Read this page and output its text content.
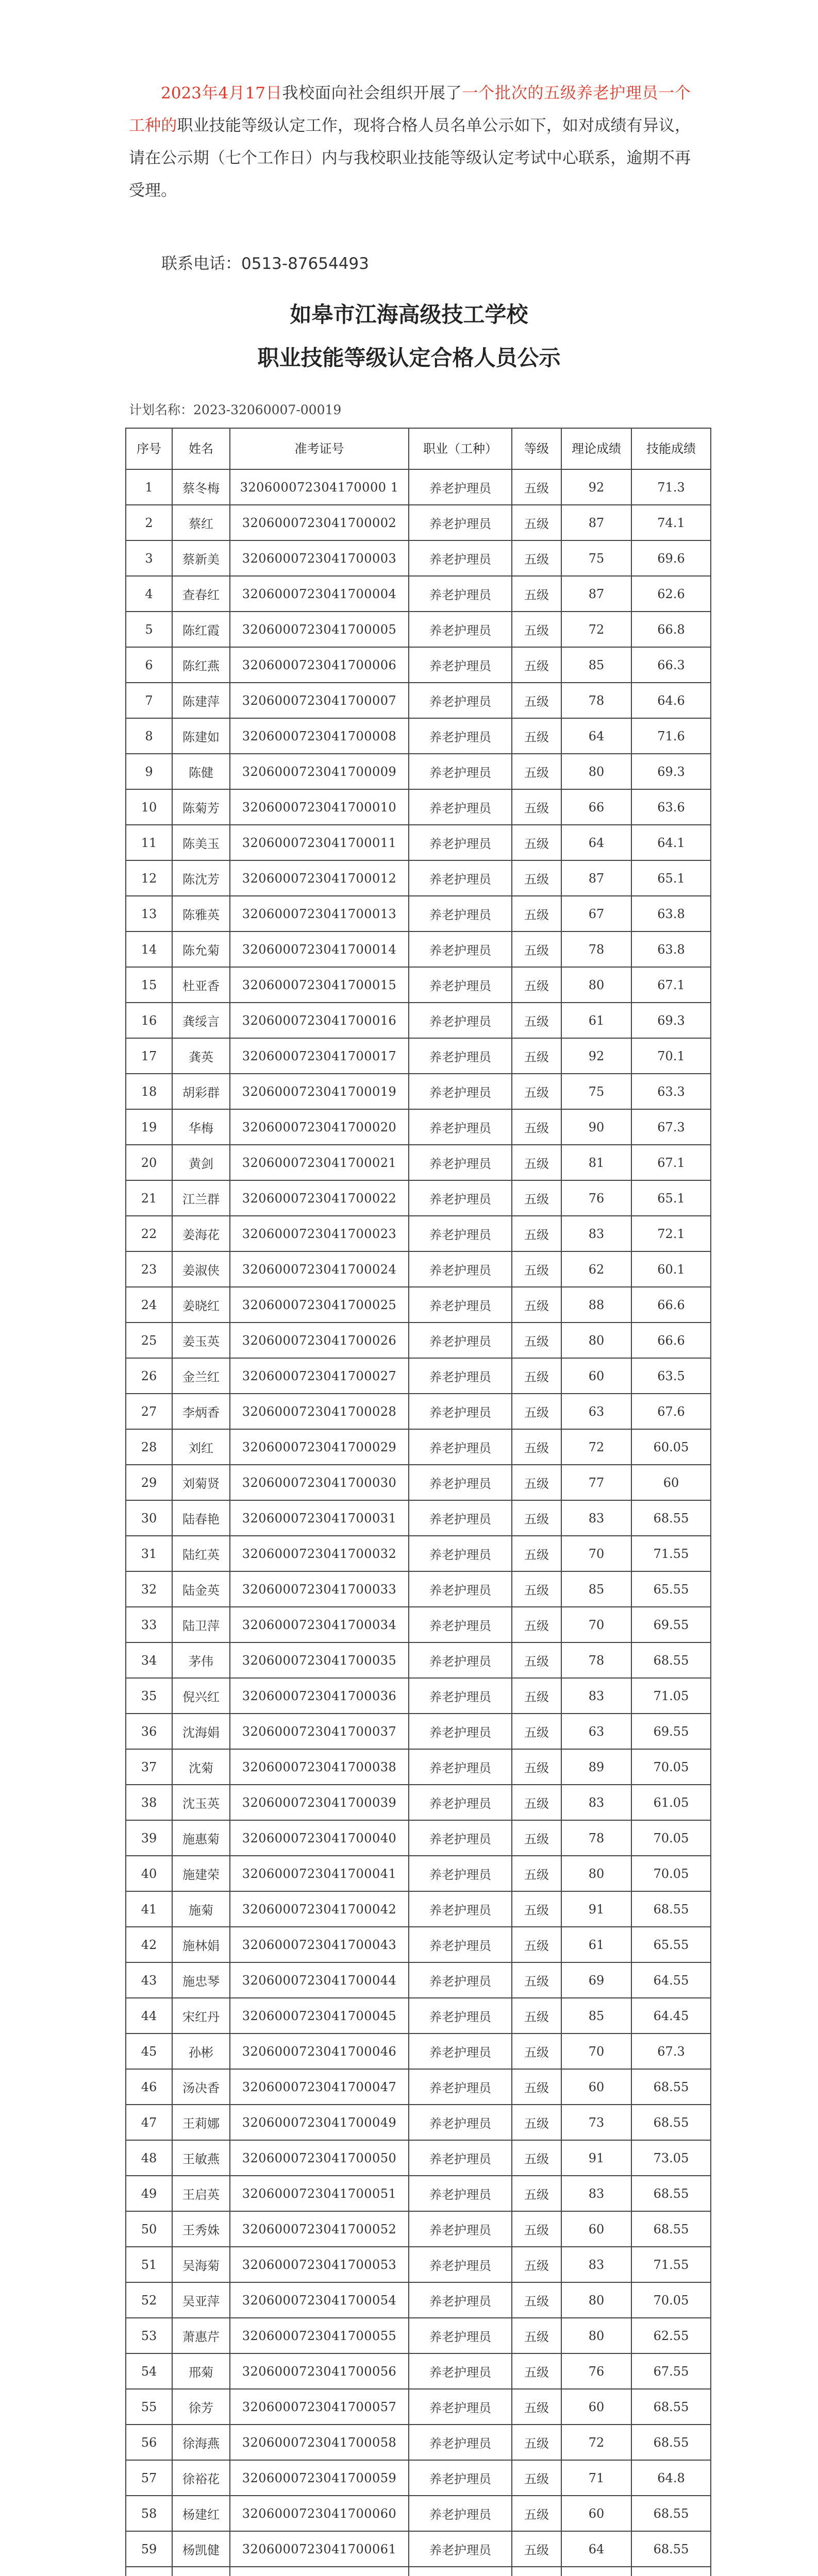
2023年4月17日我校面向社会组织开展了一个批次的五级养老护理员一个工种的职业技能等级认定工作，现将合格人员名单公示如下，如对成绩有异议，请在公示期（七个工作日）内与我校职业技能等级认定考试中心联系，逾期不再受理。
联系电话：0513-87654493
如皋市江海高级技工学校
职业技能等级认定合格人员公示
计划名称：2023-32060007-00019
序号	姓名	准考证号	职业（工种）	等级	理论成绩	技能成绩
1	蔡冬梅	320600072304170000 1	养老护理员	五级	92	71.3
2	蔡红	3206000723041700002	养老护理员	五级	87	74.1
3	蔡新美	3206000723041700003	养老护理员	五级	75	69.6
4	查春红	3206000723041700004	养老护理员	五级	87	62.6
5	陈红霞	3206000723041700005	养老护理员	五级	72	66.8
6	陈红燕	3206000723041700006	养老护理员	五级	85	66.3
7	陈建萍	3206000723041700007	养老护理员	五级	78	64.6
8	陈建如	3206000723041700008	养老护理员	五级	64	71.6
9	陈健	3206000723041700009	养老护理员	五级	80	69.3
10	陈菊芳	3206000723041700010	养老护理员	五级	66	63.6
11	陈美玉	3206000723041700011	养老护理员	五级	64	64.1
12	陈沈芳	3206000723041700012	养老护理员	五级	87	65.1
13	陈雅英	3206000723041700013	养老护理员	五级	67	63.8
14	陈允菊	3206000723041700014	养老护理员	五级	78	63.8
15	杜亚香	3206000723041700015	养老护理员	五级	80	67.1
16	龚绥言	3206000723041700016	养老护理员	五级	61	69.3
17	龚英	3206000723041700017	养老护理员	五级	92	70.1
18	胡彩群	3206000723041700019	养老护理员	五级	75	63.3
19	华梅	3206000723041700020	养老护理员	五级	90	67.3
20	黄剑	3206000723041700021	养老护理员	五级	81	67.1
21	江兰群	3206000723041700022	养老护理员	五级	76	65.1
22	姜海花	3206000723041700023	养老护理员	五级	83	72.1
23	姜淑侠	3206000723041700024	养老护理员	五级	62	60.1
24	姜晓红	3206000723041700025	养老护理员	五级	88	66.6
25	姜玉英	3206000723041700026	养老护理员	五级	80	66.6
26	金兰红	3206000723041700027	养老护理员	五级	60	63.5
27	李炳香	3206000723041700028	养老护理员	五级	63	67.6
28	刘红	3206000723041700029	养老护理员	五级	72	60.05
29	刘菊贤	3206000723041700030	养老护理员	五级	77	60
30	陆春艳	3206000723041700031	养老护理员	五级	83	68.55
31	陆红英	3206000723041700032	养老护理员	五级	70	71.55
32	陆金英	3206000723041700033	养老护理员	五级	85	65.55
33	陆卫萍	3206000723041700034	养老护理员	五级	70	69.55
34	茅伟	3206000723041700035	养老护理员	五级	78	68.55
35	倪兴红	3206000723041700036	养老护理员	五级	83	71.05
36	沈海娟	3206000723041700037	养老护理员	五级	63	69.55
37	沈菊	3206000723041700038	养老护理员	五级	89	70.05
38	沈玉英	3206000723041700039	养老护理员	五级	83	61.05
39	施惠菊	3206000723041700040	养老护理员	五级	78	70.05
40	施建荣	3206000723041700041	养老护理员	五级	80	70.05
41	施菊	3206000723041700042	养老护理员	五级	91	68.55
42	施林娟	3206000723041700043	养老护理员	五级	61	65.55
43	施忠琴	3206000723041700044	养老护理员	五级	69	64.55
44	宋红丹	3206000723041700045	养老护理员	五级	85	64.45
45	孙彬	3206000723041700046	养老护理员	五级	70	67.3
46	汤决香	3206000723041700047	养老护理员	五级	60	68.55
47	王莉娜	3206000723041700049	养老护理员	五级	73	68.55
48	王敏燕	3206000723041700050	养老护理员	五级	91	73.05
49	王启英	3206000723041700051	养老护理员	五级	83	68.55
50	王秀姝	3206000723041700052	养老护理员	五级	60	68.55
51	吴海菊	3206000723041700053	养老护理员	五级	83	71.55
52	吴亚萍	3206000723041700054	养老护理员	五级	80	70.05
53	萧惠芹	3206000723041700055	养老护理员	五级	80	62.55
54	邢菊	3206000723041700056	养老护理员	五级	76	67.55
55	徐芳	3206000723041700057	养老护理员	五级	60	68.55
56	徐海燕	3206000723041700058	养老护理员	五级	72	68.55
57	徐裕花	3206000723041700059	养老护理员	五级	71	64.8
58	杨建红	3206000723041700060	养老护理员	五级	60	68.55
59	杨凯健	3206000723041700061	养老护理员	五级	64	68.55
